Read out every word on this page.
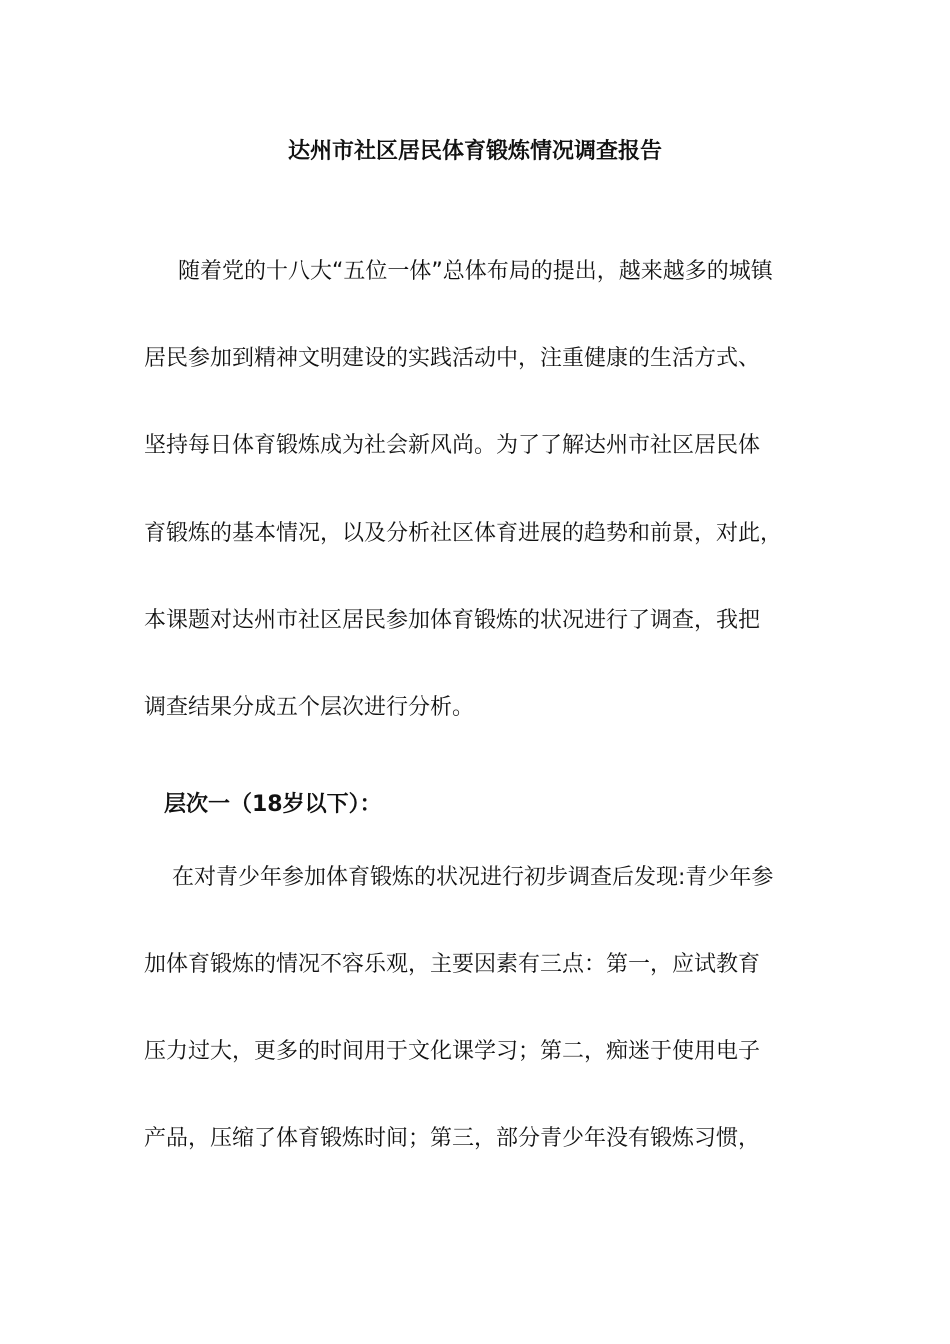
达州市社区居民体育锻炼情况调查报告
随着党的十八大“五位一体”总体布局的提出，越来越多的城镇
居民参加到精神文明建设的实践活动中，注重健康的生活方式、
坚持每日体育锻炼成为社会新风尚。为了了解达州市社区居民体
育锻炼的基本情况，以及分析社区体育进展的趋势和前景，对此，
本课题对达州市社区居民参加体育锻炼的状况进行了调查，我把
调查结果分成五个层次进行分析。
层次一（18岁以下）：
在对青少年参加体育锻炼的状况进行初步调查后发现:青少年参
加体育锻炼的情况不容乐观，主要因素有三点：第一，应试教育
压力过大，更多的时间用于文化课学习；第二，痴迷于使用电子
产品，压缩了体育锻炼时间；第三，部分青少年没有锻炼习惯，
